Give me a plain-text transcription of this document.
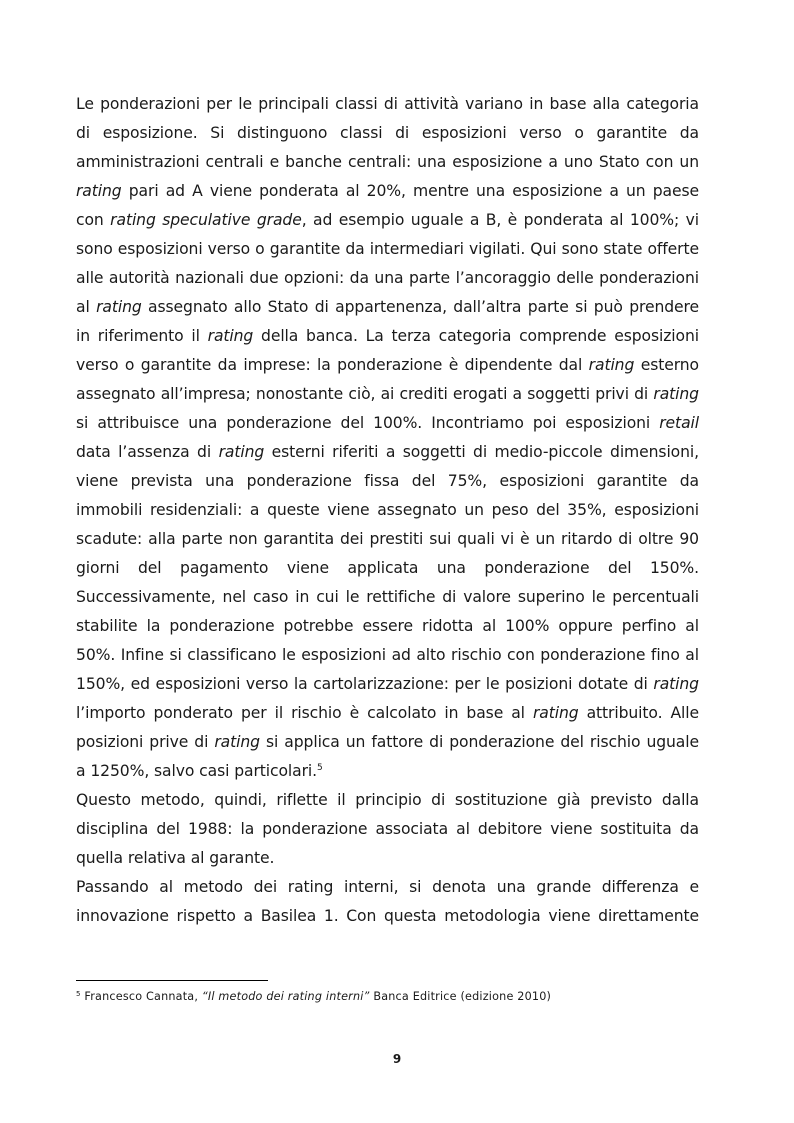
Le ponderazioni per le principali classi di attività variano in base alla categoria di esposizione. Si distinguono classi di esposizioni verso o garantite da amministrazioni centrali e banche centrali: una esposizione a uno Stato con un rating pari ad A viene ponderata al 20%, mentre una esposizione a un paese con rating speculative grade, ad esempio uguale a B, è ponderata al 100%; vi sono esposizioni verso o garantite da intermediari vigilati. Qui sono state offerte alle autorità nazionali due opzioni: da una parte l’ancoraggio delle ponderazioni al rating assegnato allo Stato di appartenenza, dall’altra parte si può prendere in riferimento il rating della banca. La terza categoria comprende esposizioni verso o garantite da imprese: la ponderazione è dipendente dal rating esterno assegnato all’impresa; nonostante ciò, ai crediti erogati a soggetti privi di rating si attribuisce una ponderazione del 100%. Incontriamo poi esposizioni retail data l’assenza di rating esterni riferiti a soggetti di medio-piccole dimensioni, viene prevista una ponderazione fissa del 75%, esposizioni garantite da immobili residenziali: a queste viene assegnato un peso del 35%, esposizioni scadute: alla parte non garantita dei prestiti sui quali vi è un ritardo di oltre 90 giorni del pagamento viene applicata una ponderazione del 150%. Successivamente, nel caso in cui le rettifiche di valore superino le percentuali stabilite la ponderazione potrebbe essere ridotta al 100% oppure perfino al 50%. Infine si classificano le esposizioni ad alto rischio con ponderazione fino al 150%, ed esposizioni verso la cartolarizzazione: per le posizioni dotate di rating l’importo ponderato per il rischio è calcolato in base al rating attribuito. Alle posizioni prive di rating si applica un fattore di ponderazione del rischio uguale a 1250%, salvo casi particolari.$^5$

Questo metodo, quindi, riflette il principio di sostituzione già previsto dalla disciplina del 1988: la ponderazione associata al debitore viene sostituita da quella relativa al garante.

Passando al metodo dei rating interni, si denota una grande differenza e innovazione rispetto a Basilea 1. Con questa metodologia viene direttamente

$^5$ Francesco Cannata, “Il metodo dei rating interni” Banca Editrice (edizione 2010)
9
